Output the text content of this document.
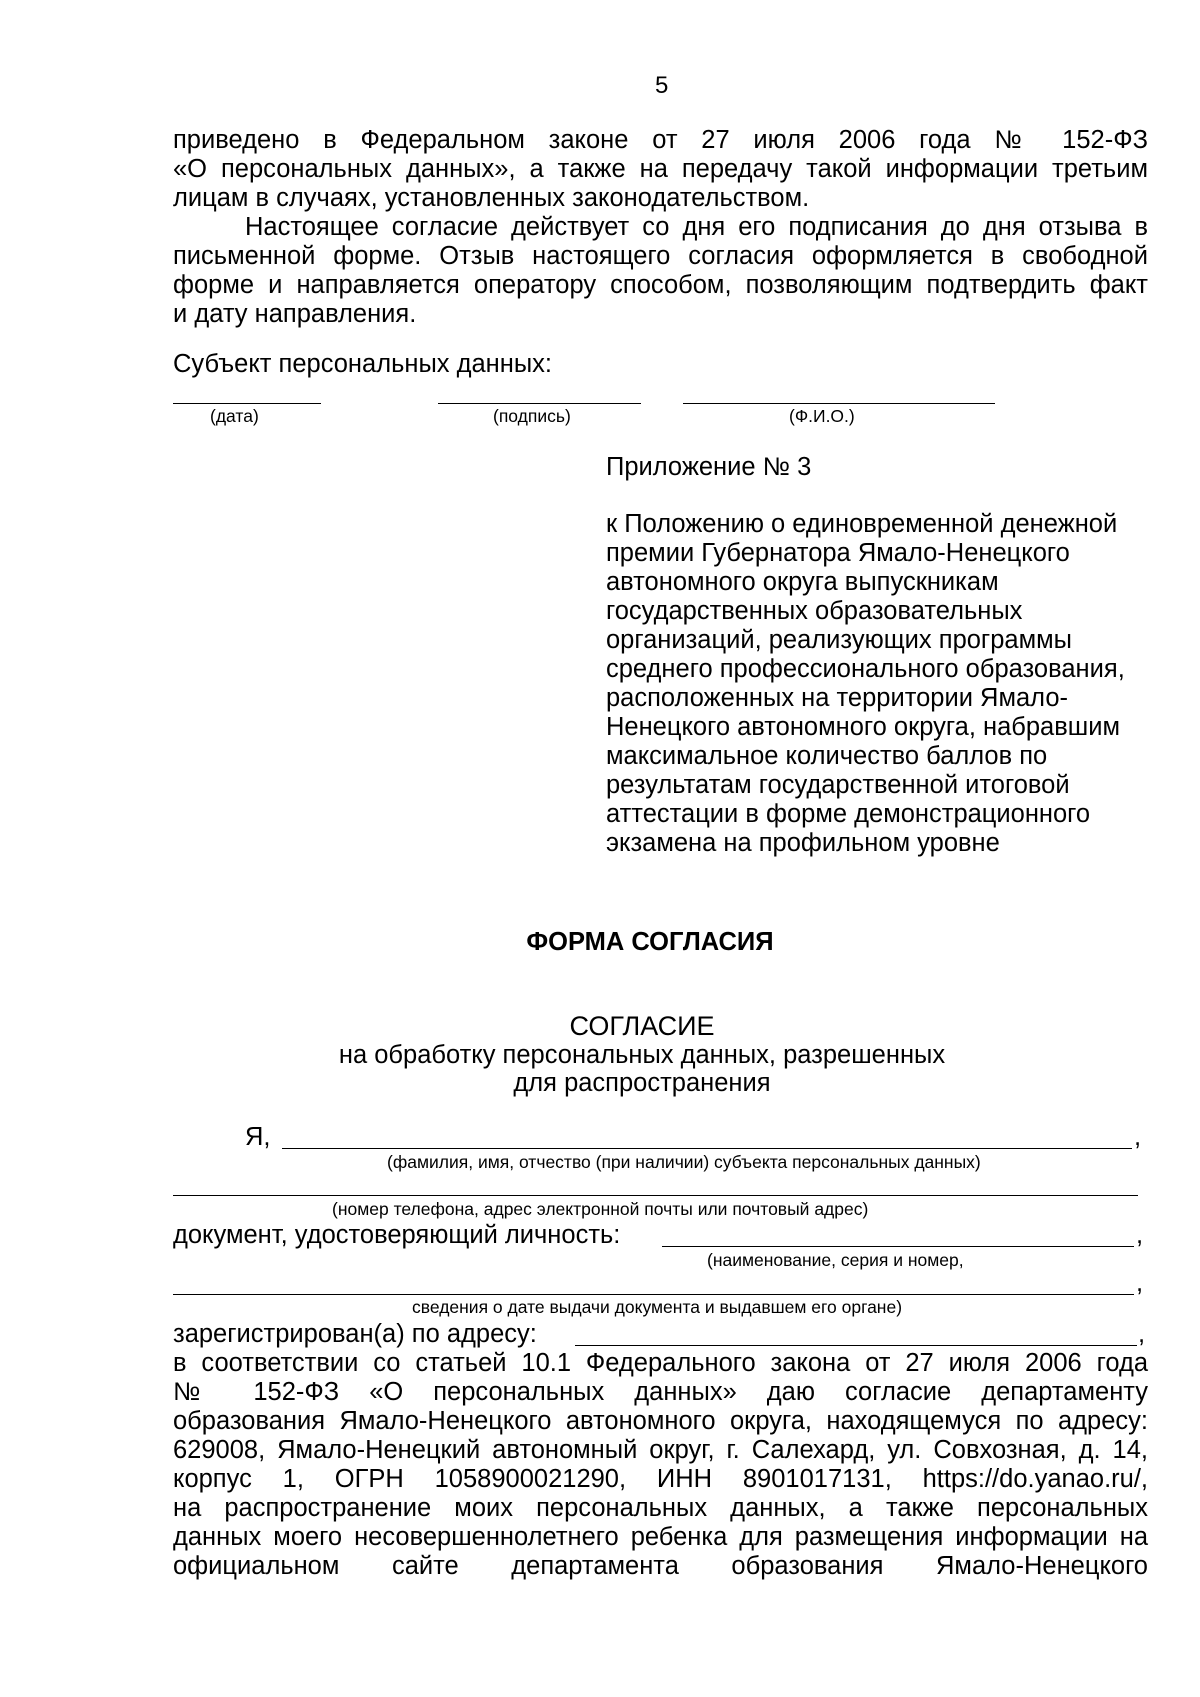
5
приведено в Федеральном законе от 27 июля 2006 года № 152-ФЗ
«О персональных данных», а также на передачу такой информации третьим
лицам в случаях, установленных законодательством.
Настоящее согласие действует со дня его подписания до дня отзыва в
письменной форме. Отзыв настоящего согласия оформляется в свободной
форме и направляется оператору способом, позволяющим подтвердить факт
и дату направления.
Субъект персональных данных:
(дата)	(подпись)	(Ф.И.О.)
Приложение № 3
к Положению о единовременной денежной
премии Губернатора Ямало-Ненецкого
автономного округа выпускникам
государственных образовательных
организаций, реализующих программы
среднего профессионального образования,
расположенных на территории Ямало-
Ненецкого автономного округа, набравшим
максимальное количество баллов по
результатам государственной итоговой
аттестации в форме демонстрационного
экзамена на профильном уровне
ФОРМА СОГЛАСИЯ
СОГЛАСИЕ
на обработку персональных данных, разрешенных
для распространения
Я,	,
(фамилия, имя, отчество (при наличии) субъекта персональных данных)
(номер телефона, адрес электронной почты или почтовый адрес)
документ, удостоверяющий личность:	,
(наименование, серия и номер,
,
сведения о дате выдачи документа и выдавшем его органе)
зарегистрирован(а) по адресу:	,
в соответствии со статьей 10.1 Федерального закона от 27 июля 2006 года
№ 152-ФЗ «О персональных данных» даю согласие департаменту
образования Ямало-Ненецкого автономного округа, находящемуся по адресу:
629008, Ямало-Ненецкий автономный округ, г. Салехард, ул. Совхозная, д. 14,
корпус 1, ОГРН 1058900021290, ИНН 8901017131, https://do.yanao.ru/,
на распространение моих персональных данных, а также персональных
данных моего несовершеннолетнего ребенка для размещения информации на
официальном сайте департамента образования Ямало-Ненецкого
